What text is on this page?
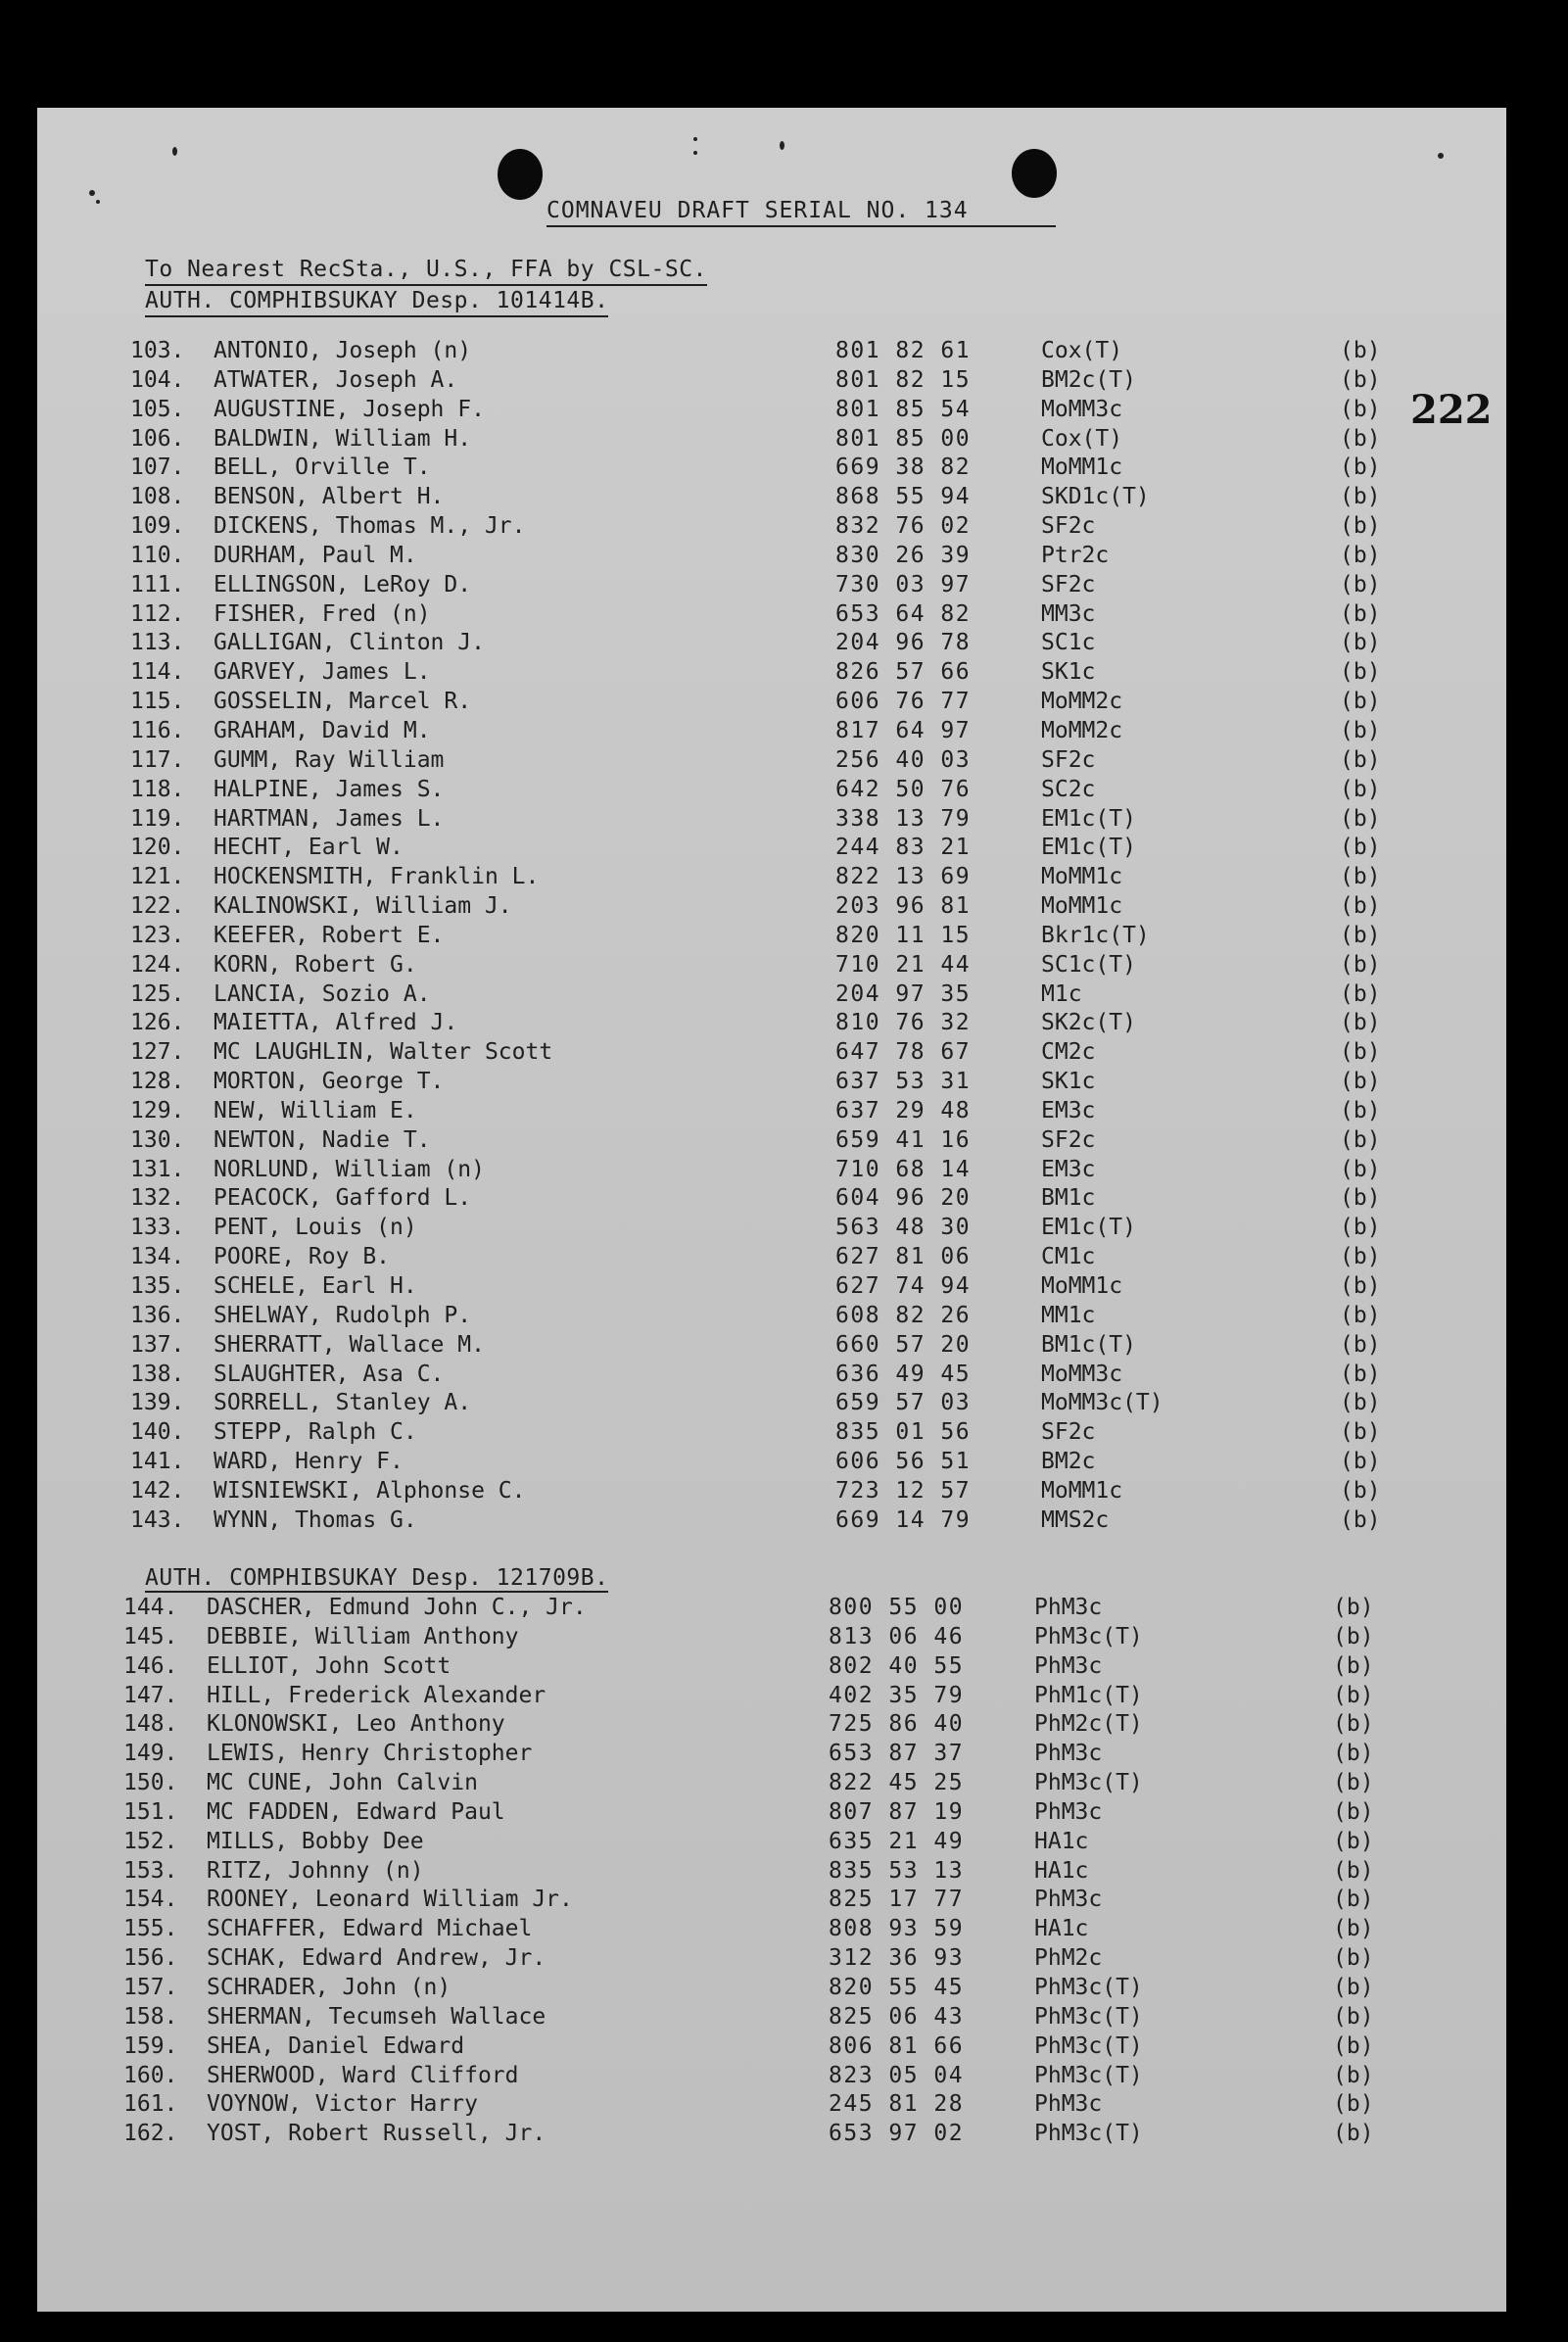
COMNAVEU DRAFT SERIAL NO. 134
222
To Nearest RecSta., U.S., FFA by CSL-SC.
AUTH. COMPHIBSUKAY Desp. 101414B.
103. ANTONIO, Joseph (n)	801 82 61	Cox(T)	(b)
104. ATWATER, Joseph A.	801 82 15	BM2c(T)	(b)
105. AUGUSTINE, Joseph F.	801 85 54	MoMM3c	(b)
106. BALDWIN, William H.	801 85 00	Cox(T)	(b)
107. BELL, Orville T.	669 38 82	MoMM1c	(b)
108. BENSON, Albert H.	868 55 94	SKD1c(T)	(b)
109. DICKENS, Thomas M., Jr.	832 76 02	SF2c	(b)
110. DURHAM, Paul M.	830 26 39	Ptr2c	(b)
111. ELLINGSON, LeRoy D.	730 03 97	SF2c	(b)
112. FISHER, Fred (n)	653 64 82	MM3c	(b)
113. GALLIGAN, Clinton J.	204 96 78	SC1c	(b)
114. GARVEY, James L.	826 57 66	SK1c	(b)
115. GOSSELIN, Marcel R.	606 76 77	MoMM2c	(b)
116. GRAHAM, David M.	817 64 97	MoMM2c	(b)
117. GUMM, Ray William	256 40 03	SF2c	(b)
118. HALPINE, James S.	642 50 76	SC2c	(b)
119. HARTMAN, James L.	338 13 79	EM1c(T)	(b)
120. HECHT, Earl W.	244 83 21	EM1c(T)	(b)
121. HOCKENSMITH, Franklin L.	822 13 69	MoMM1c	(b)
122. KALINOWSKI, William J.	203 96 81	MoMM1c	(b)
123. KEEFER, Robert E.	820 11 15	Bkr1c(T)	(b)
124. KORN, Robert G.	710 21 44	SC1c(T)	(b)
125. LANCIA, Sozio A.	204 97 35	M1c	(b)
126. MAIETTA, Alfred J.	810 76 32	SK2c(T)	(b)
127. MC LAUGHLIN, Walter Scott	647 78 67	CM2c	(b)
128. MORTON, George T.	637 53 31	SK1c	(b)
129. NEW, William E.	637 29 48	EM3c	(b)
130. NEWTON, Nadie T.	659 41 16	SF2c	(b)
131. NORLUND, William (n)	710 68 14	EM3c	(b)
132. PEACOCK, Gafford L.	604 96 20	BM1c	(b)
133. PENT, Louis (n)	563 48 30	EM1c(T)	(b)
134. POORE, Roy B.	627 81 06	CM1c	(b)
135. SCHELE, Earl H.	627 74 94	MoMM1c	(b)
136. SHELWAY, Rudolph P.	608 82 26	MM1c	(b)
137. SHERRATT, Wallace M.	660 57 20	BM1c(T)	(b)
138. SLAUGHTER, Asa C.	636 49 45	MoMM3c	(b)
139. SORRELL, Stanley A.	659 57 03	MoMM3c(T)	(b)
140. STEPP, Ralph C.	835 01 56	SF2c	(b)
141. WARD, Henry F.	606 56 51	BM2c	(b)
142. WISNIEWSKI, Alphonse C.	723 12 57	MoMM1c	(b)
143. WYNN, Thomas G.	669 14 79	MMS2c	(b)
AUTH. COMPHIBSUKAY Desp. 121709B.
144. DASCHER, Edmund John C., Jr.	800 55 00	PhM3c	(b)
145. DEBBIE, William Anthony	813 06 46	PhM3c(T)	(b)
146. ELLIOT, John Scott	802 40 55	PhM3c	(b)
147. HILL, Frederick Alexander	402 35 79	PhM1c(T)	(b)
148. KLONOWSKI, Leo Anthony	725 86 40	PhM2c(T)	(b)
149. LEWIS, Henry Christopher	653 87 37	PhM3c	(b)
150. MC CUNE, John Calvin	822 45 25	PhM3c(T)	(b)
151. MC FADDEN, Edward Paul	807 87 19	PhM3c	(b)
152. MILLS, Bobby Dee	635 21 49	HA1c	(b)
153. RITZ, Johnny (n)	835 53 13	HA1c	(b)
154. ROONEY, Leonard William Jr.	825 17 77	PhM3c	(b)
155. SCHAFFER, Edward Michael	808 93 59	HA1c	(b)
156. SCHAK, Edward Andrew, Jr.	312 36 93	PhM2c	(b)
157. SCHRADER, John (n)	820 55 45	PhM3c(T)	(b)
158. SHERMAN, Tecumseh Wallace	825 06 43	PhM3c(T)	(b)
159. SHEA, Daniel Edward	806 81 66	PhM3c(T)	(b)
160. SHERWOOD, Ward Clifford	823 05 04	PhM3c(T)	(b)
161. VOYNOW, Victor Harry	245 81 28	PhM3c	(b)
162. YOST, Robert Russell, Jr.	653 97 02	PhM3c(T)	(b)
